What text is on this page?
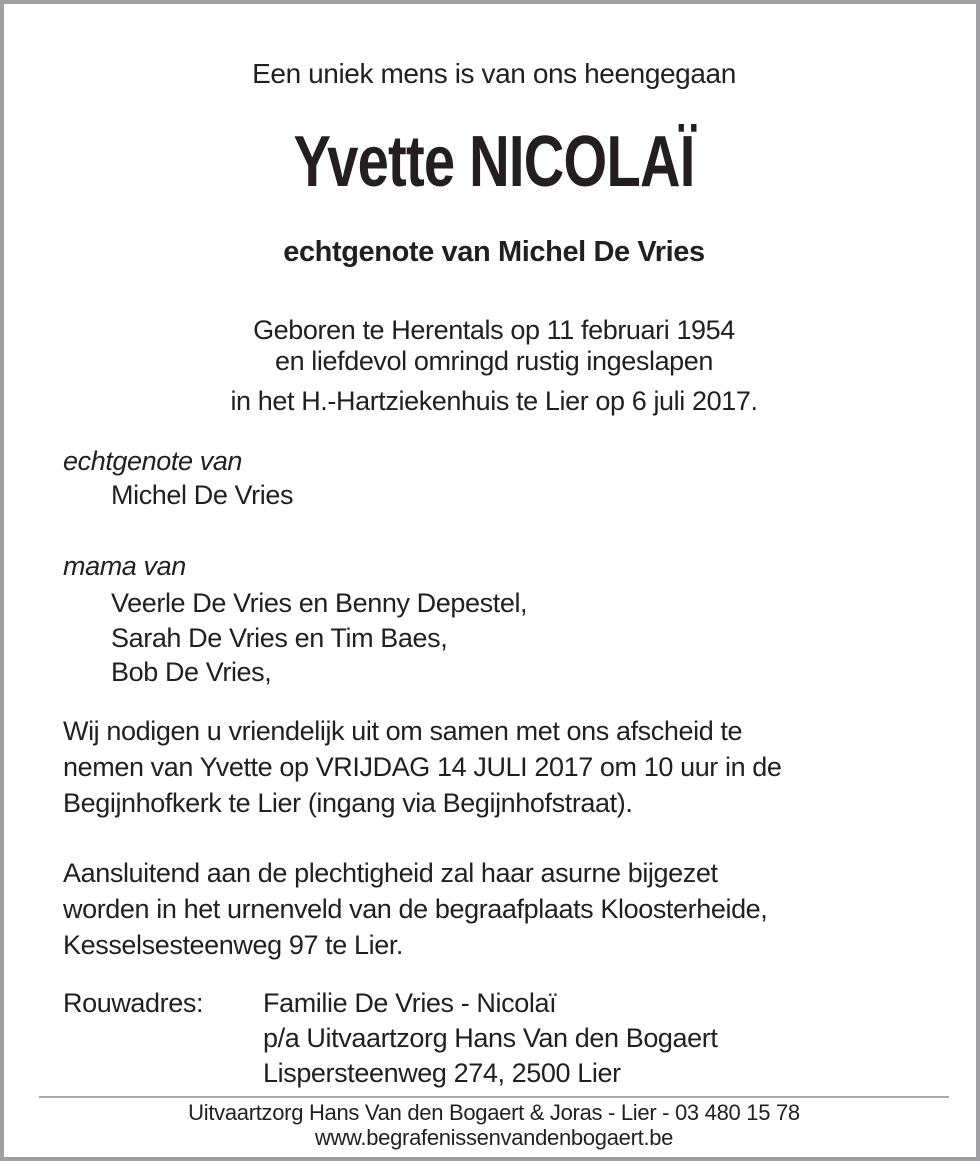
Een uniek mens is van ons heengegaan
Yvette NICOLAÏ
echtgenote van Michel De Vries
Geboren te Herentals op 11 februari 1954
en liefdevol omringd rustig ingeslapen
in het H.-Hartziekenhuis te Lier op 6 juli 2017.
echtgenote van
Michel De Vries
mama van
Veerle De Vries en Benny Depestel,
Sarah De Vries en Tim Baes,
Bob De Vries,
Wij nodigen u vriendelijk uit om samen met ons afscheid te
nemen van Yvette op VRIJDAG 14 JULI 2017 om 10 uur in de
Begijnhofkerk te Lier (ingang via Begijnhofstraat).
Aansluitend aan de plechtigheid zal haar asurne bijgezet
worden in het urnenveld van de begraafplaats Kloosterheide,
Kesselsesteenweg 97 te Lier.
Rouwadres: Familie De Vries - Nicolaï
p/a Uitvaartzorg Hans Van den Bogaert
Lispersteenweg 274, 2500 Lier
Uitvaartzorg Hans Van den Bogaert & Joras - Lier - 03 480 15 78
www.begrafenissenvandenbogaert.be
